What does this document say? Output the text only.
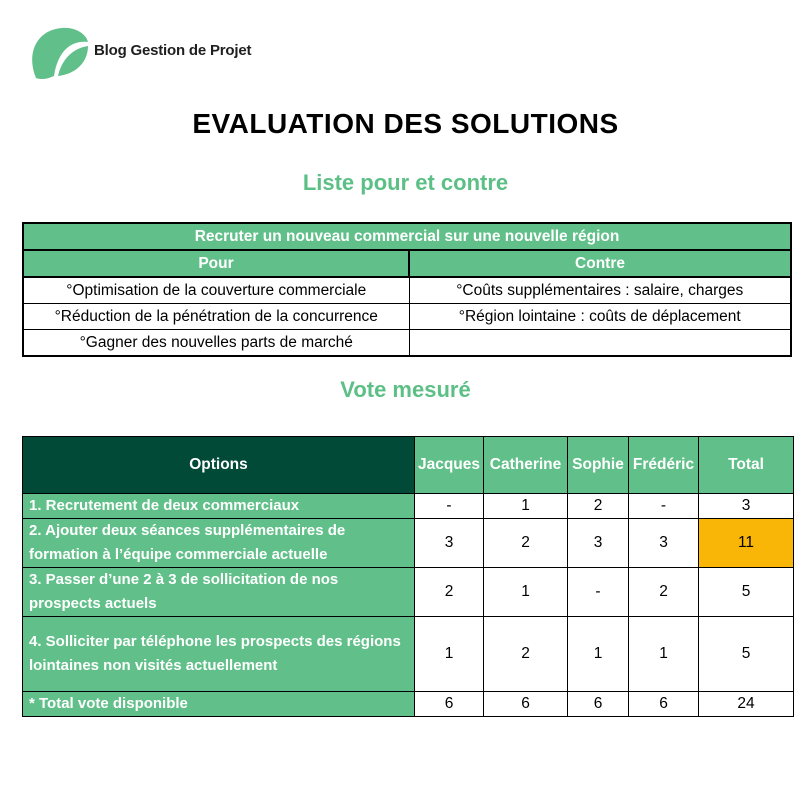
Blog Gestion de Projet
EVALUATION DES SOLUTIONS
Liste pour et contre
Recruter un nouveau commercial sur une nouvelle région	
Pour	Contre
°Optimisation de la couverture commerciale	°Coûts supplémentaires : salaire, charges
°Réduction de la pénétration de la concurrence	°Région lointaine : coûts de déplacement
°Gagner des nouvelles parts de marché	
Vote mesuré
Options	Jacques	Catherine	Sophie	Frédéric	Total
1. Recrutement de deux commerciaux	-	1	2	-	3
2. Ajouter deux séances supplémentaires de formation à l’équipe commerciale actuelle	3	2	3	3	11
3. Passer d’une 2 à 3 de sollicitation de nos prospects actuels	2	1	-	2	5
4. Solliciter par téléphone les prospects des régions lointaines non visités actuellement	1	2	1	1	5
* Total vote disponible	6	6	6	6	24
